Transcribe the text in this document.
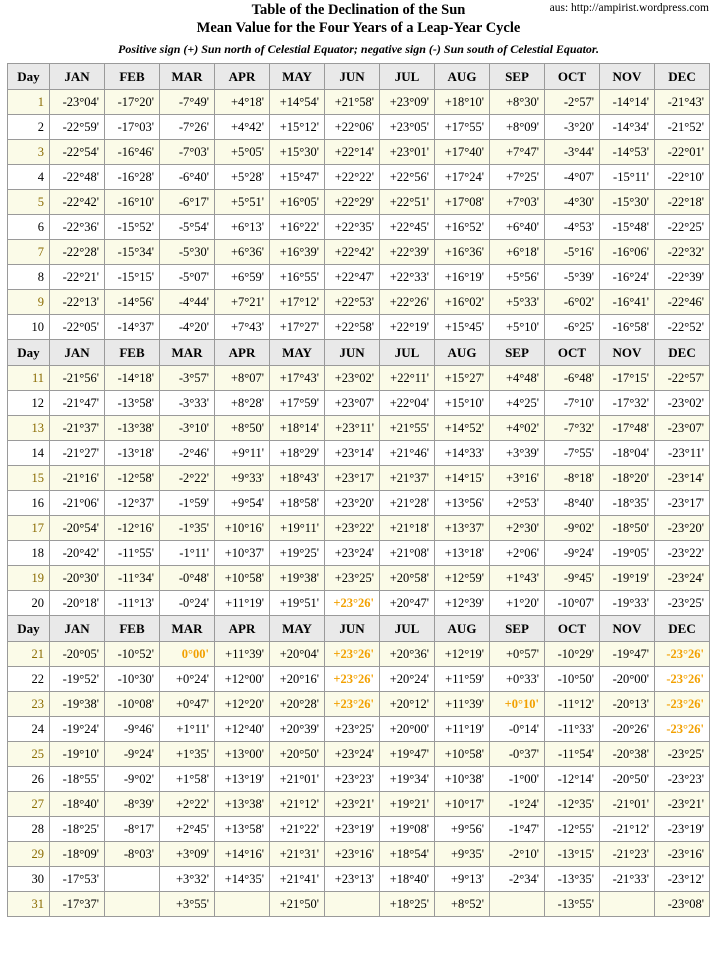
aus: http://ampirist.wordpress.com
Table of the Declination of the Sun
Mean Value for the Four Years of a Leap-Year Cycle
Positive sign (+) Sun north of Celestial Equator; negative sign (-) Sun south of Celestial Equator.
Day	JAN	FEB	MAR	APR	MAY	JUN	JUL	AUG	SEP	OCT	NOV	DEC
1	-23°04'	-17°20'	-7°49'	+4°18'	+14°54'	+21°58'	+23°09'	+18°10'	+8°30'	-2°57'	-14°14'	-21°43'
2	-22°59'	-17°03'	-7°26'	+4°42'	+15°12'	+22°06'	+23°05'	+17°55'	+8°09'	-3°20'	-14°34'	-21°52'
3	-22°54'	-16°46'	-7°03'	+5°05'	+15°30'	+22°14'	+23°01'	+17°40'	+7°47'	-3°44'	-14°53'	-22°01'
4	-22°48'	-16°28'	-6°40'	+5°28'	+15°47'	+22°22'	+22°56'	+17°24'	+7°25'	-4°07'	-15°11'	-22°10'
5	-22°42'	-16°10'	-6°17'	+5°51'	+16°05'	+22°29'	+22°51'	+17°08'	+7°03'	-4°30'	-15°30'	-22°18'
6	-22°36'	-15°52'	-5°54'	+6°13'	+16°22'	+22°35'	+22°45'	+16°52'	+6°40'	-4°53'	-15°48'	-22°25'
7	-22°28'	-15°34'	-5°30'	+6°36'	+16°39'	+22°42'	+22°39'	+16°36'	+6°18'	-5°16'	-16°06'	-22°32'
8	-22°21'	-15°15'	-5°07'	+6°59'	+16°55'	+22°47'	+22°33'	+16°19'	+5°56'	-5°39'	-16°24'	-22°39'
9	-22°13'	-14°56'	-4°44'	+7°21'	+17°12'	+22°53'	+22°26'	+16°02'	+5°33'	-6°02'	-16°41'	-22°46'
10	-22°05'	-14°37'	-4°20'	+7°43'	+17°27'	+22°58'	+22°19'	+15°45'	+5°10'	-6°25'	-16°58'	-22°52'
Day	JAN	FEB	MAR	APR	MAY	JUN	JUL	AUG	SEP	OCT	NOV	DEC
11	-21°56'	-14°18'	-3°57'	+8°07'	+17°43'	+23°02'	+22°11'	+15°27'	+4°48'	-6°48'	-17°15'	-22°57'
12	-21°47'	-13°58'	-3°33'	+8°28'	+17°59'	+23°07'	+22°04'	+15°10'	+4°25'	-7°10'	-17°32'	-23°02'
13	-21°37'	-13°38'	-3°10'	+8°50'	+18°14'	+23°11'	+21°55'	+14°52'	+4°02'	-7°32'	-17°48'	-23°07'
14	-21°27'	-13°18'	-2°46'	+9°11'	+18°29'	+23°14'	+21°46'	+14°33'	+3°39'	-7°55'	-18°04'	-23°11'
15	-21°16'	-12°58'	-2°22'	+9°33'	+18°43'	+23°17'	+21°37'	+14°15'	+3°16'	-8°18'	-18°20'	-23°14'
16	-21°06'	-12°37'	-1°59'	+9°54'	+18°58'	+23°20'	+21°28'	+13°56'	+2°53'	-8°40'	-18°35'	-23°17'
17	-20°54'	-12°16'	-1°35'	+10°16'	+19°11'	+23°22'	+21°18'	+13°37'	+2°30'	-9°02'	-18°50'	-23°20'
18	-20°42'	-11°55'	-1°11'	+10°37'	+19°25'	+23°24'	+21°08'	+13°18'	+2°06'	-9°24'	-19°05'	-23°22'
19	-20°30'	-11°34'	-0°48'	+10°58'	+19°38'	+23°25'	+20°58'	+12°59'	+1°43'	-9°45'	-19°19'	-23°24'
20	-20°18'	-11°13'	-0°24'	+11°19'	+19°51'	+23°26'	+20°47'	+12°39'	+1°20'	-10°07'	-19°33'	-23°25'
Day	JAN	FEB	MAR	APR	MAY	JUN	JUL	AUG	SEP	OCT	NOV	DEC
21	-20°05'	-10°52'	0°00'	+11°39'	+20°04'	+23°26'	+20°36'	+12°19'	+0°57'	-10°29'	-19°47'	-23°26'
22	-19°52'	-10°30'	+0°24'	+12°00'	+20°16'	+23°26'	+20°24'	+11°59'	+0°33'	-10°50'	-20°00'	-23°26'
23	-19°38'	-10°08'	+0°47'	+12°20'	+20°28'	+23°26'	+20°12'	+11°39'	+0°10'	-11°12'	-20°13'	-23°26'
24	-19°24'	-9°46'	+1°11'	+12°40'	+20°39'	+23°25'	+20°00'	+11°19'	-0°14'	-11°33'	-20°26'	-23°26'
25	-19°10'	-9°24'	+1°35'	+13°00'	+20°50'	+23°24'	+19°47'	+10°58'	-0°37'	-11°54'	-20°38'	-23°25'
26	-18°55'	-9°02'	+1°58'	+13°19'	+21°01'	+23°23'	+19°34'	+10°38'	-1°00'	-12°14'	-20°50'	-23°23'
27	-18°40'	-8°39'	+2°22'	+13°38'	+21°12'	+23°21'	+19°21'	+10°17'	-1°24'	-12°35'	-21°01'	-23°21'
28	-18°25'	-8°17'	+2°45'	+13°58'	+21°22'	+23°19'	+19°08'	+9°56'	-1°47'	-12°55'	-21°12'	-23°19'
29	-18°09'	-8°03'	+3°09'	+14°16'	+21°31'	+23°16'	+18°54'	+9°35'	-2°10'	-13°15'	-21°23'	-23°16'
30	-17°53'		+3°32'	+14°35'	+21°41'	+23°13'	+18°40'	+9°13'	-2°34'	-13°35'	-21°33'	-23°12'
31	-17°37'		+3°55'		+21°50'		+18°25'	+8°52'		-13°55'		-23°08'
